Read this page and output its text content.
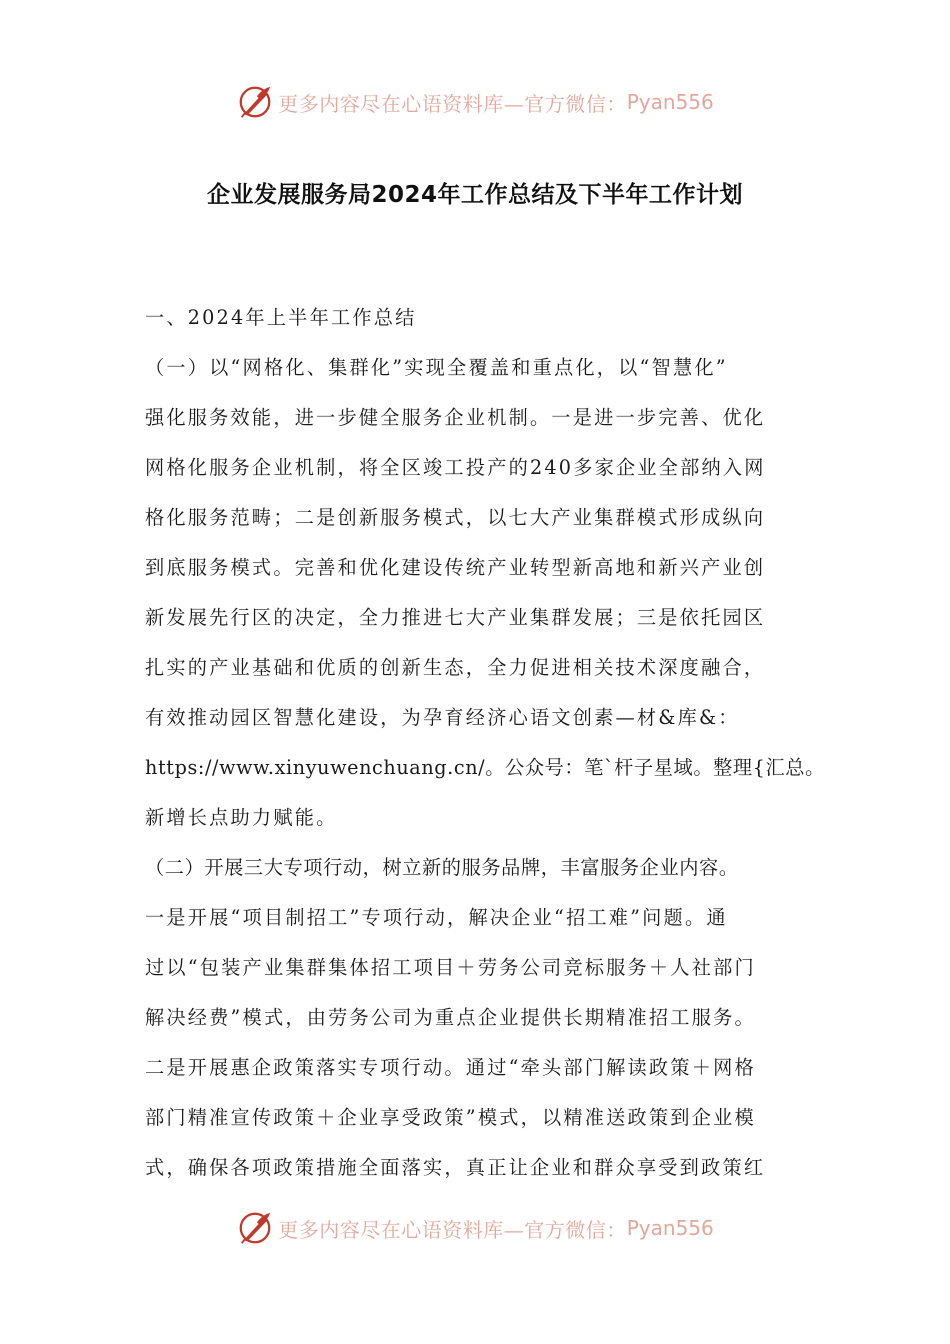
更多内容尽在心语资料库—官方微信： Pyan556
企业发展服务局2024年工作总结及下半年工作计划
一、2024年上半年工作总结
（一）以“网格化、集群化”实现全覆盖和重点化，以“智慧化”
强化服务效能，进一步健全服务企业机制。一是进一步完善、优化
网格化服务企业机制，将全区竣工投产的240多家企业全部纳入网
格化服务范畴；二是创新服务模式，以七大产业集群模式形成纵向
到底服务模式。完善和优化建设传统产业转型新高地和新兴产业创
新发展先行区的决定，全力推进七大产业集群发展；三是依托园区
扎实的产业基础和优质的创新生态，全力促进相关技术深度融合，
有效推动园区智慧化建设，为孕育经济心语文创素—材&库&：
https://www.xinyuwenchuang.cn/。公众号：笔`杆子星域。整理{汇总。
新增长点助力赋能。
（二）开展三大专项行动，树立新的服务品牌，丰富服务企业内容。
一是开展“项目制招工”专项行动，解决企业“招工难”问题。通
过以“包装产业集群集体招工项目＋劳务公司竞标服务＋人社部门
解决经费”模式，由劳务公司为重点企业提供长期精准招工服务。
二是开展惠企政策落实专项行动。通过“牵头部门解读政策＋网格
部门精准宣传政策＋企业享受政策”模式，以精准送政策到企业模
式，确保各项政策措施全面落实，真正让企业和群众享受到政策红
更多内容尽在心语资料库—官方微信： Pyan556
